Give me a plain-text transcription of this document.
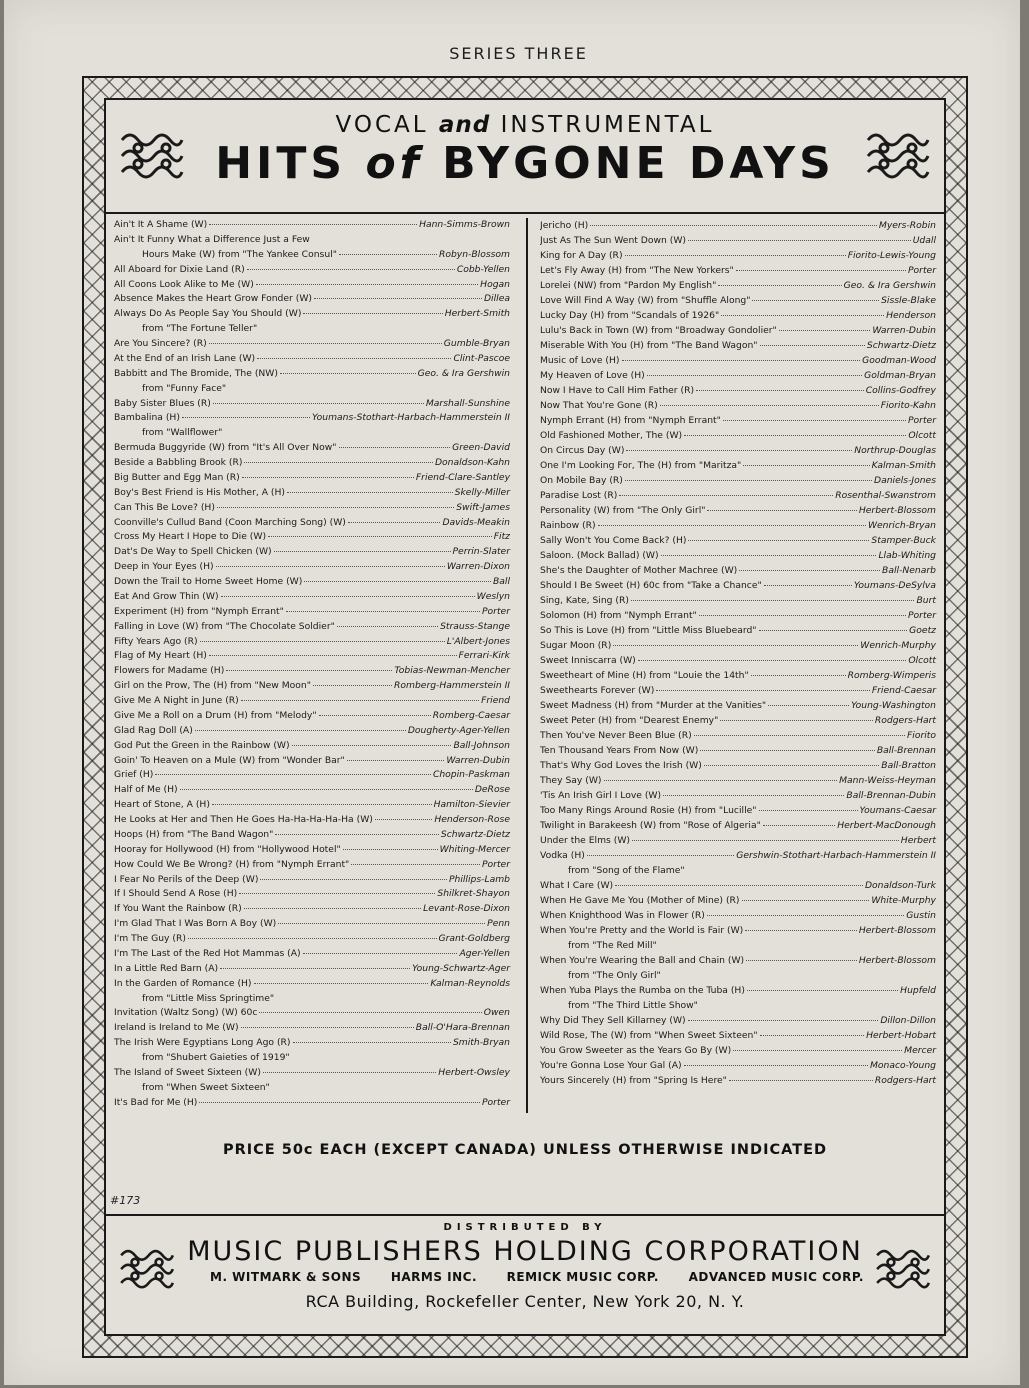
SERIES THREE
VOCAL and INSTRUMENTAL
HITS of BYGONE DAYS
Ain't It A Shame (W)	Hann-Simms-Brown
Ain't It Funny What a Difference Just a Few
Hours Make (W) from "The Yankee Consul"	Robyn-Blossom
All Aboard for Dixie Land (R)	Cobb-Yellen
All Coons Look Alike to Me (W)	Hogan
Absence Makes the Heart Grow Fonder (W)	Dillea
Always Do As People Say You Should (W)	Herbert-Smith
from "The Fortune Teller"
Are You Sincere? (R)	Gumble-Bryan
At the End of an Irish Lane (W)	Clint-Pascoe
Babbitt and The Bromide, The (NW)	Geo. & Ira Gershwin
from "Funny Face"
Baby Sister Blues (R)	Marshall-Sunshine
Bambalina (H)	Youmans-Stothart-Harbach-Hammerstein II
from "Wallflower"
Bermuda Buggyride (W) from "It's All Over Now"	Green-David
Beside a Babbling Brook (R)	Donaldson-Kahn
Big Butter and Egg Man (R)	Friend-Clare-Santley
Boy's Best Friend is His Mother, A (H)	Skelly-Miller
Can This Be Love? (H)	Swift-James
Coonville's Cullud Band (Coon Marching Song) (W)	Davids-Meakin
Cross My Heart I Hope to Die (W)	Fitz
Dat's De Way to Spell Chicken (W)	Perrin-Slater
Deep in Your Eyes (H)	Warren-Dixon
Down the Trail to Home Sweet Home (W)	Ball
Eat And Grow Thin (W)	Weslyn
Experiment (H) from "Nymph Errant"	Porter
Falling in Love (W) from "The Chocolate Soldier"	Strauss-Stange
Fifty Years Ago (R)	L'Albert-Jones
Flag of My Heart (H)	Ferrari-Kirk
Flowers for Madame (H)	Tobias-Newman-Mencher
Girl on the Prow, The (H) from "New Moon"	Romberg-Hammerstein II
Give Me A Night in June (R)	Friend
Give Me a Roll on a Drum (H) from "Melody"	Romberg-Caesar
Glad Rag Doll (A)	Dougherty-Ager-Yellen
God Put the Green in the Rainbow (W)	Ball-Johnson
Goin' To Heaven on a Mule (W) from "Wonder Bar"	Warren-Dubin
Grief (H)	Chopin-Paskman
Half of Me (H)	DeRose
Heart of Stone, A (H)	Hamilton-Sievier
He Looks at Her and Then He Goes Ha-Ha-Ha-Ha-Ha (W)	Henderson-Rose
Hoops (H) from "The Band Wagon"	Schwartz-Dietz
Hooray for Hollywood (H) from "Hollywood Hotel"	Whiting-Mercer
How Could We Be Wrong? (H) from "Nymph Errant"	Porter
I Fear No Perils of the Deep (W)	Phillips-Lamb
If I Should Send A Rose (H)	Shilkret-Shayon
If You Want the Rainbow (R)	Levant-Rose-Dixon
I'm Glad That I Was Born A Boy (W)	Penn
I'm The Guy (R)	Grant-Goldberg
I'm The Last of the Red Hot Mammas (A)	Ager-Yellen
In a Little Red Barn (A)	Young-Schwartz-Ager
In the Garden of Romance (H)	Kalman-Reynolds
from "Little Miss Springtime"
Invitation (Waltz Song) (W) 60c	Owen
Ireland is Ireland to Me (W)	Ball-O'Hara-Brennan
The Irish Were Egyptians Long Ago (R)	Smith-Bryan
from "Shubert Gaieties of 1919"
The Island of Sweet Sixteen (W)	Herbert-Owsley
from "When Sweet Sixteen"
It's Bad for Me (H)	Porter
Jericho (H)	Myers-Robin
Just As The Sun Went Down (W)	Udall
King for A Day (R)	Fiorito-Lewis-Young
Let's Fly Away (H) from "The New Yorkers"	Porter
Lorelei (NW) from "Pardon My English"	Geo. & Ira Gershwin
Love Will Find A Way (W) from "Shuffle Along"	Sissle-Blake
Lucky Day (H) from "Scandals of 1926"	Henderson
Lulu's Back in Town (W) from "Broadway Gondolier"	Warren-Dubin
Miserable With You (H) from "The Band Wagon"	Schwartz-Dietz
Music of Love (H)	Goodman-Wood
My Heaven of Love (H)	Goldman-Bryan
Now I Have to Call Him Father (R)	Collins-Godfrey
Now That You're Gone (R)	Fiorito-Kahn
Nymph Errant (H) from "Nymph Errant"	Porter
Old Fashioned Mother, The (W)	Olcott
On Circus Day (W)	Northrup-Douglas
One I'm Looking For, The (H) from "Maritza"	Kalman-Smith
On Mobile Bay (R)	Daniels-Jones
Paradise Lost (R)	Rosenthal-Swanstrom
Personality (W) from "The Only Girl"	Herbert-Blossom
Rainbow (R)	Wenrich-Bryan
Sally Won't You Come Back? (H)	Stamper-Buck
Saloon. (Mock Ballad) (W)	Llab-Whiting
She's the Daughter of Mother Machree (W)	Ball-Nenarb
Should I Be Sweet (H) 60c from "Take a Chance"	Youmans-DeSylva
Sing, Kate, Sing (R)	Burt
Solomon (H) from "Nymph Errant"	Porter
So This is Love (H) from "Little Miss Bluebeard"	Goetz
Sugar Moon (R)	Wenrich-Murphy
Sweet Inniscarra (W)	Olcott
Sweetheart of Mine (H) from "Louie the 14th"	Romberg-Wimperis
Sweethearts Forever (W)	Friend-Caesar
Sweet Madness (H) from "Murder at the Vanities"	Young-Washington
Sweet Peter (H) from "Dearest Enemy"	Rodgers-Hart
Then You've Never Been Blue (R)	Fiorito
Ten Thousand Years From Now (W)	Ball-Brennan
That's Why God Loves the Irish (W)	Ball-Bratton
They Say (W)	Mann-Weiss-Heyman
'Tis An Irish Girl I Love (W)	Ball-Brennan-Dubin
Too Many Rings Around Rosie (H) from "Lucille"	Youmans-Caesar
Twilight in Barakeesh (W) from "Rose of Algeria"	Herbert-MacDonough
Under the Elms (W)	Herbert
Vodka (H)	Gershwin-Stothart-Harbach-Hammerstein II
from "Song of the Flame"
What I Care (W)	Donaldson-Turk
When He Gave Me You (Mother of Mine) (R)	White-Murphy
When Knighthood Was in Flower (R)	Gustin
When You're Pretty and the World is Fair (W)	Herbert-Blossom
from "The Red Mill"
When You're Wearing the Ball and Chain (W)	Herbert-Blossom
from "The Only Girl"
When Yuba Plays the Rumba on the Tuba (H)	Hupfeld
from "The Third Little Show"
Why Did They Sell Killarney (W)	Dillon-Dillon
Wild Rose, The (W) from "When Sweet Sixteen"	Herbert-Hobart
You Grow Sweeter as the Years Go By (W)	Mercer
You're Gonna Lose Your Gal (A)	Monaco-Young
Yours Sincerely (H) from "Spring Is Here"	Rodgers-Hart
PRICE 50c EACH (EXCEPT CANADA) UNLESS OTHERWISE INDICATED
#173
DISTRIBUTED BY
MUSIC PUBLISHERS HOLDING CORPORATION
M. WITMARK & SONS HARMS INC. REMICK MUSIC CORP. ADVANCED MUSIC CORP.
RCA Building, Rockefeller Center, New York 20, N. Y.
